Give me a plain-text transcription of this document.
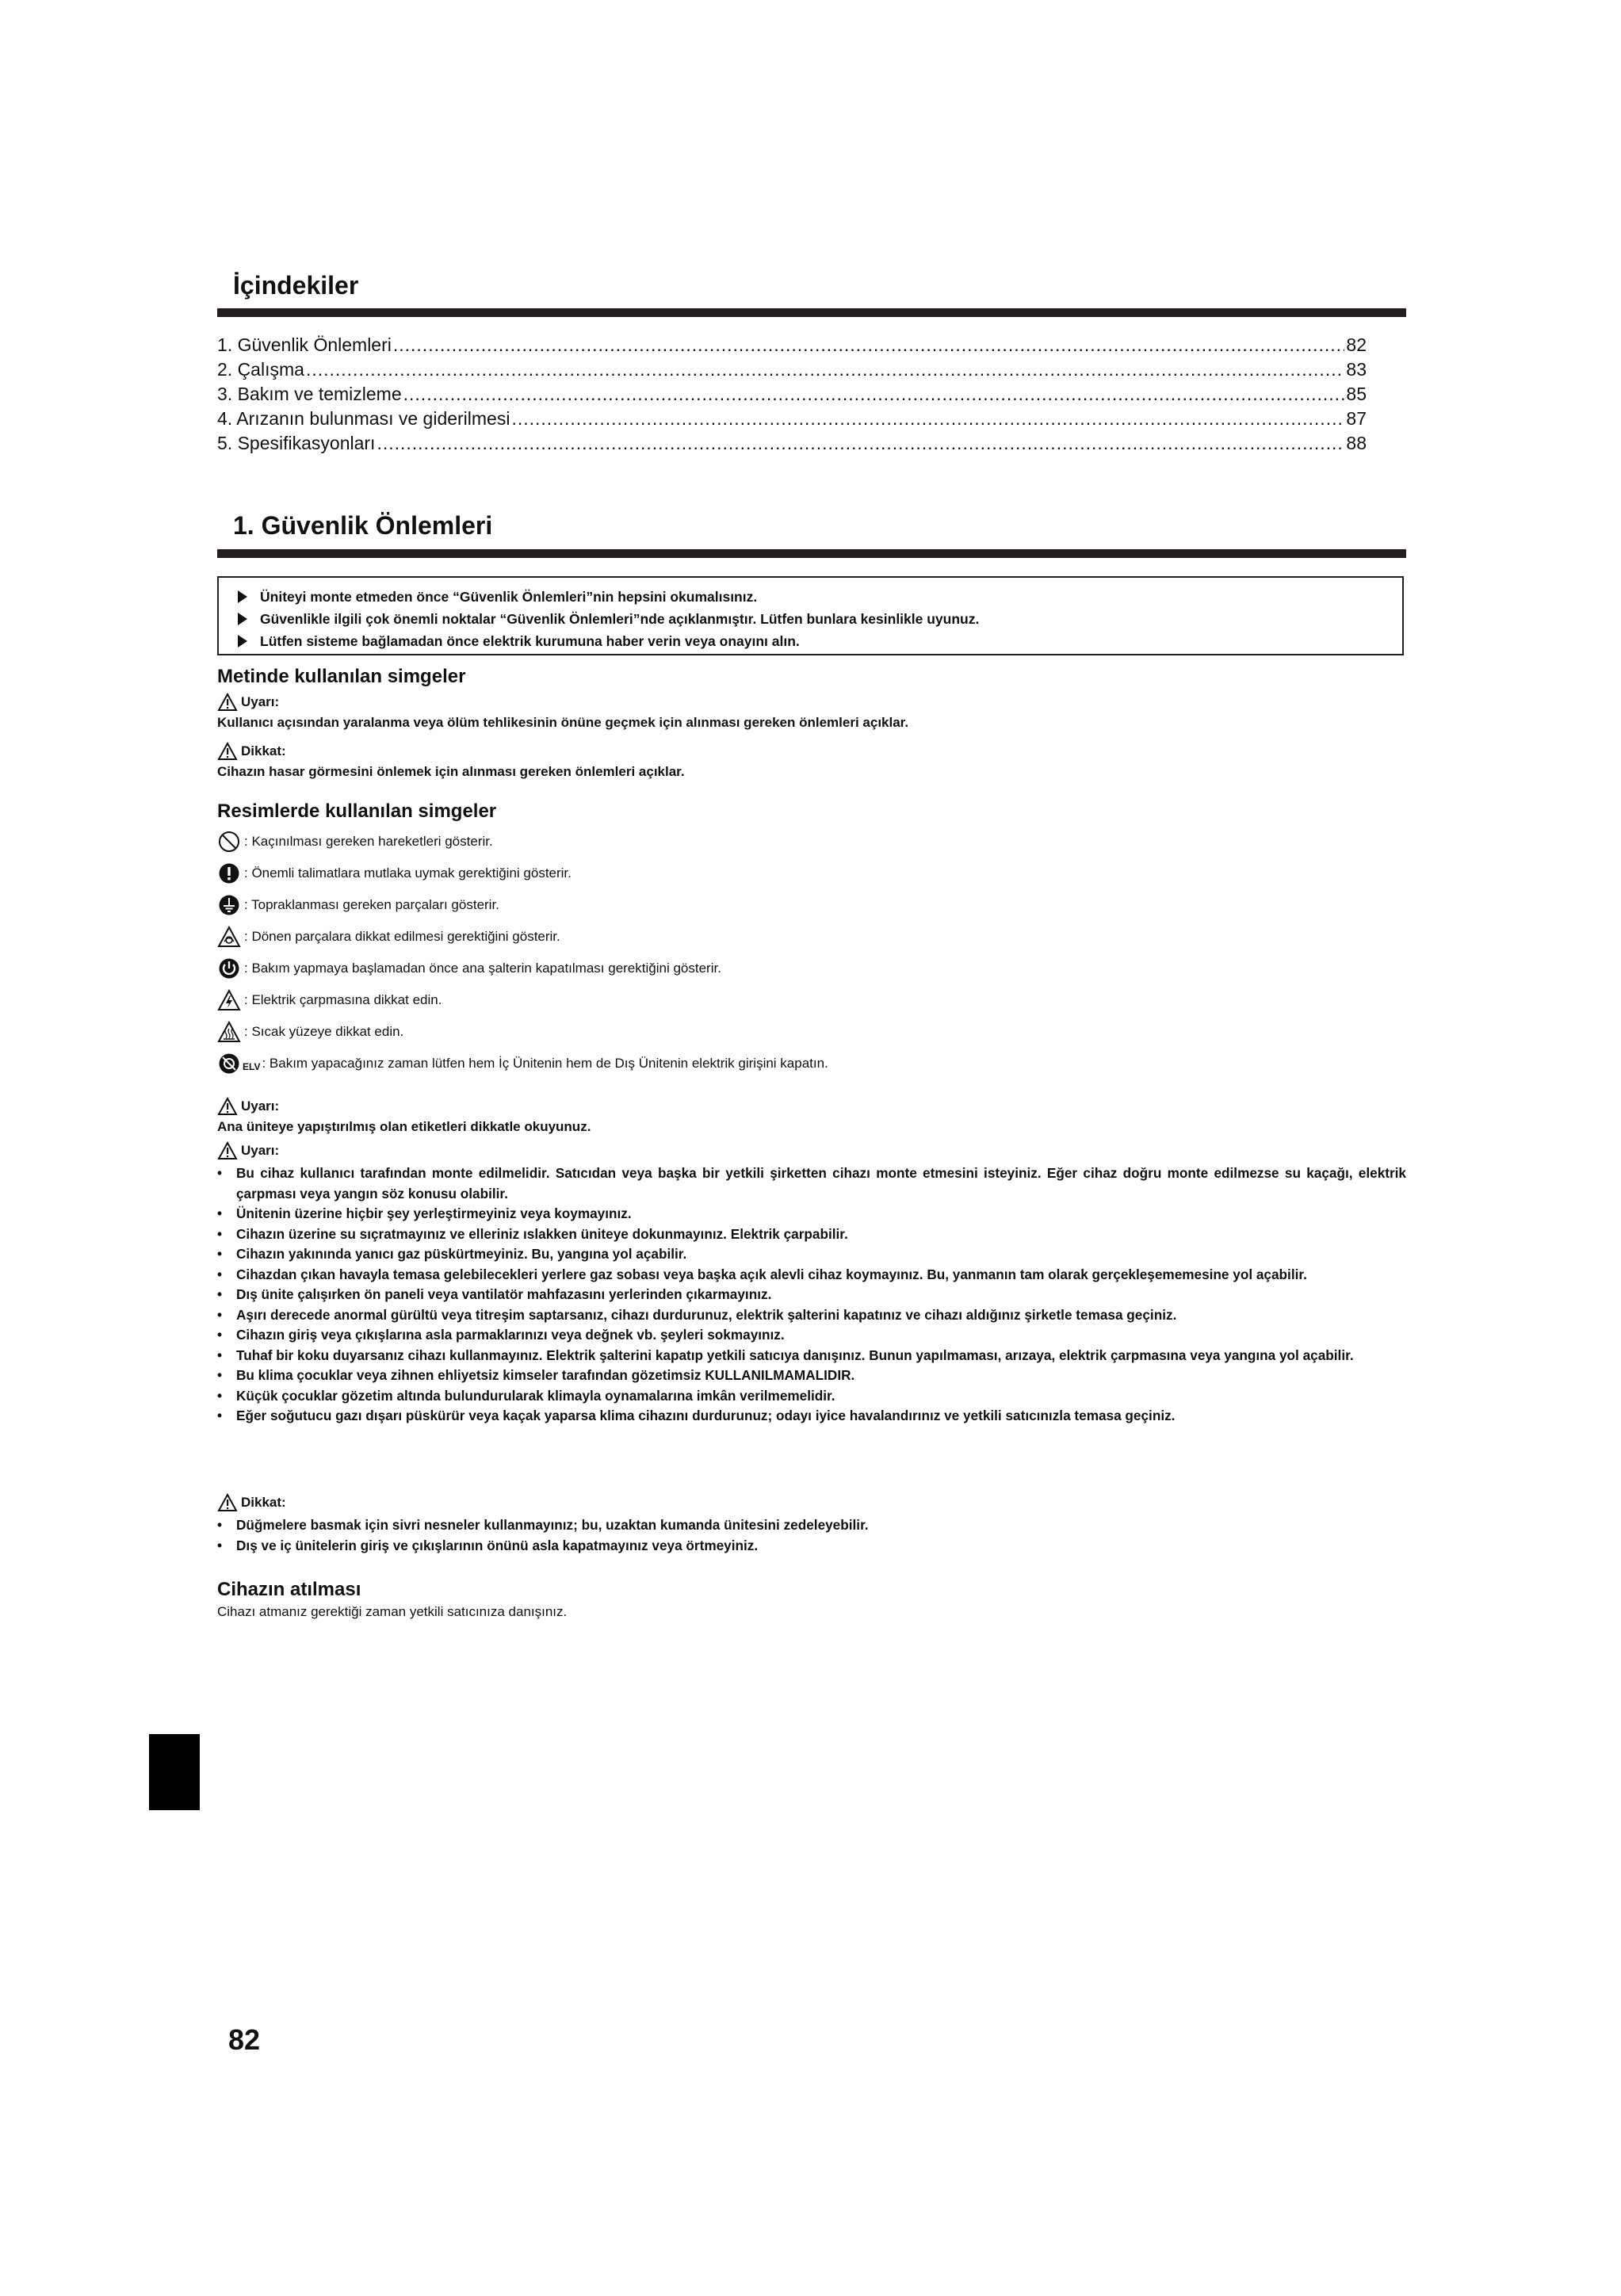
İçindekiler
1. Güvenlik Önlemleri .....	82
2. Çalışma .....	83
3. Bakım ve temizleme .....	85
4. Arızanın bulunması ve giderilmesi .....	87
5. Spesifikasyonları .....	88
1. Güvenlik Önlemleri
Üniteyi monte etmeden önce “Güvenlik Önlemleri”nin hepsini okumalısınız.
Güvenlikle ilgili çok önemli noktalar “Güvenlik Önlemleri”nde açıklanmıştır. Lütfen bunlara kesinlikle uyunuz.
Lütfen sisteme bağlamadan önce elektrik kurumuna haber verin veya onayını alın.
Metinde kullanılan simgeler
Uyarı:
Kullanıcı açısından yaralanma veya ölüm tehlikesinin önüne geçmek için alınması gereken önlemleri açıklar.
Dikkat:
Cihazın hasar görmesini önlemek için alınması gereken önlemleri açıklar.
Resimlerde kullanılan simgeler
: Kaçınılması gereken hareketleri gösterir.
: Önemli talimatlara mutlaka uymak gerektiğini gösterir.
: Topraklanması gereken parçaları gösterir.
: Dönen parçalara dikkat edilmesi gerektiğini gösterir.
: Bakım yapmaya başlamadan önce ana şalterin kapatılması gerektiğini gösterir.
: Elektrik çarpmasına dikkat edin.
: Sıcak yüzeye dikkat edin.
ELV : Bakım yapacağınız zaman lütfen hem İç Ünitenin hem de Dış Ünitenin elektrik girişini kapatın.
Uyarı:
Ana üniteye yapıştırılmış olan etiketleri dikkatle okuyunuz.
Uyarı:
•	Bu cihaz kullanıcı tarafından monte edilmelidir. Satıcıdan veya başka bir yetkili şirketten cihazı monte etmesini isteyiniz. Eğer cihaz doğru monte edilmezse su kaçağı, elektrik çarpması veya yangın söz konusu olabilir.
•	Ünitenin üzerine hiçbir şey yerleştirmeyiniz veya koymayınız.
•	Cihazın üzerine su sıçratmayınız ve elleriniz ıslakken üniteye dokunmayınız. Elektrik çarpabilir.
•	Cihazın yakınında yanıcı gaz püskürtmeyiniz. Bu, yangına yol açabilir.
•	Cihazdan çıkan havayla temasa gelebilecekleri yerlere gaz sobası veya başka açık alevli cihaz koymayınız. Bu, yanmanın tam olarak gerçekleşememesine yol açabilir.
•	Dış ünite çalışırken ön paneli veya vantilatör mahfazasını yerlerinden çıkarmayınız.
•	Aşırı derecede anormal gürültü veya titreşim saptarsanız, cihazı durdurunuz, elektrik şalterini kapatınız ve cihazı aldığınız şirketle temasa geçiniz.
•	Cihazın giriş veya çıkışlarına asla parmaklarınızı veya değnek vb. şeyleri sokmayınız.
•	Tuhaf bir koku duyarsanız cihazı kullanmayınız. Elektrik şalterini kapatıp yetkili satıcıya danışınız. Bunun yapılmaması, arızaya, elektrik çarpmasına veya yangına yol açabilir.
•	Bu klima çocuklar veya zihnen ehliyetsiz kimseler tarafından gözetimsiz KULLANILMAMALIDIR.
•	Küçük çocuklar gözetim altında bulundurularak klimayla oynamalarına imkân verilmemelidir.
•	Eğer soğutucu gazı dışarı püskürür veya kaçak yaparsa klima cihazını durdurunuz; odayı iyice havalandırınız ve yetkili satıcınızla temasa geçiniz.
Dikkat:
•	Düğmelere basmak için sivri nesneler kullanmayınız; bu, uzaktan kumanda ünitesini zedeleyebilir.
•	Dış ve iç ünitelerin giriş ve çıkışlarının önünü asla kapatmayınız veya örtmeyiniz.
Cihazın atılması
Cihazı atmanız gerektiği zaman yetkili satıcınıza danışınız.
82
